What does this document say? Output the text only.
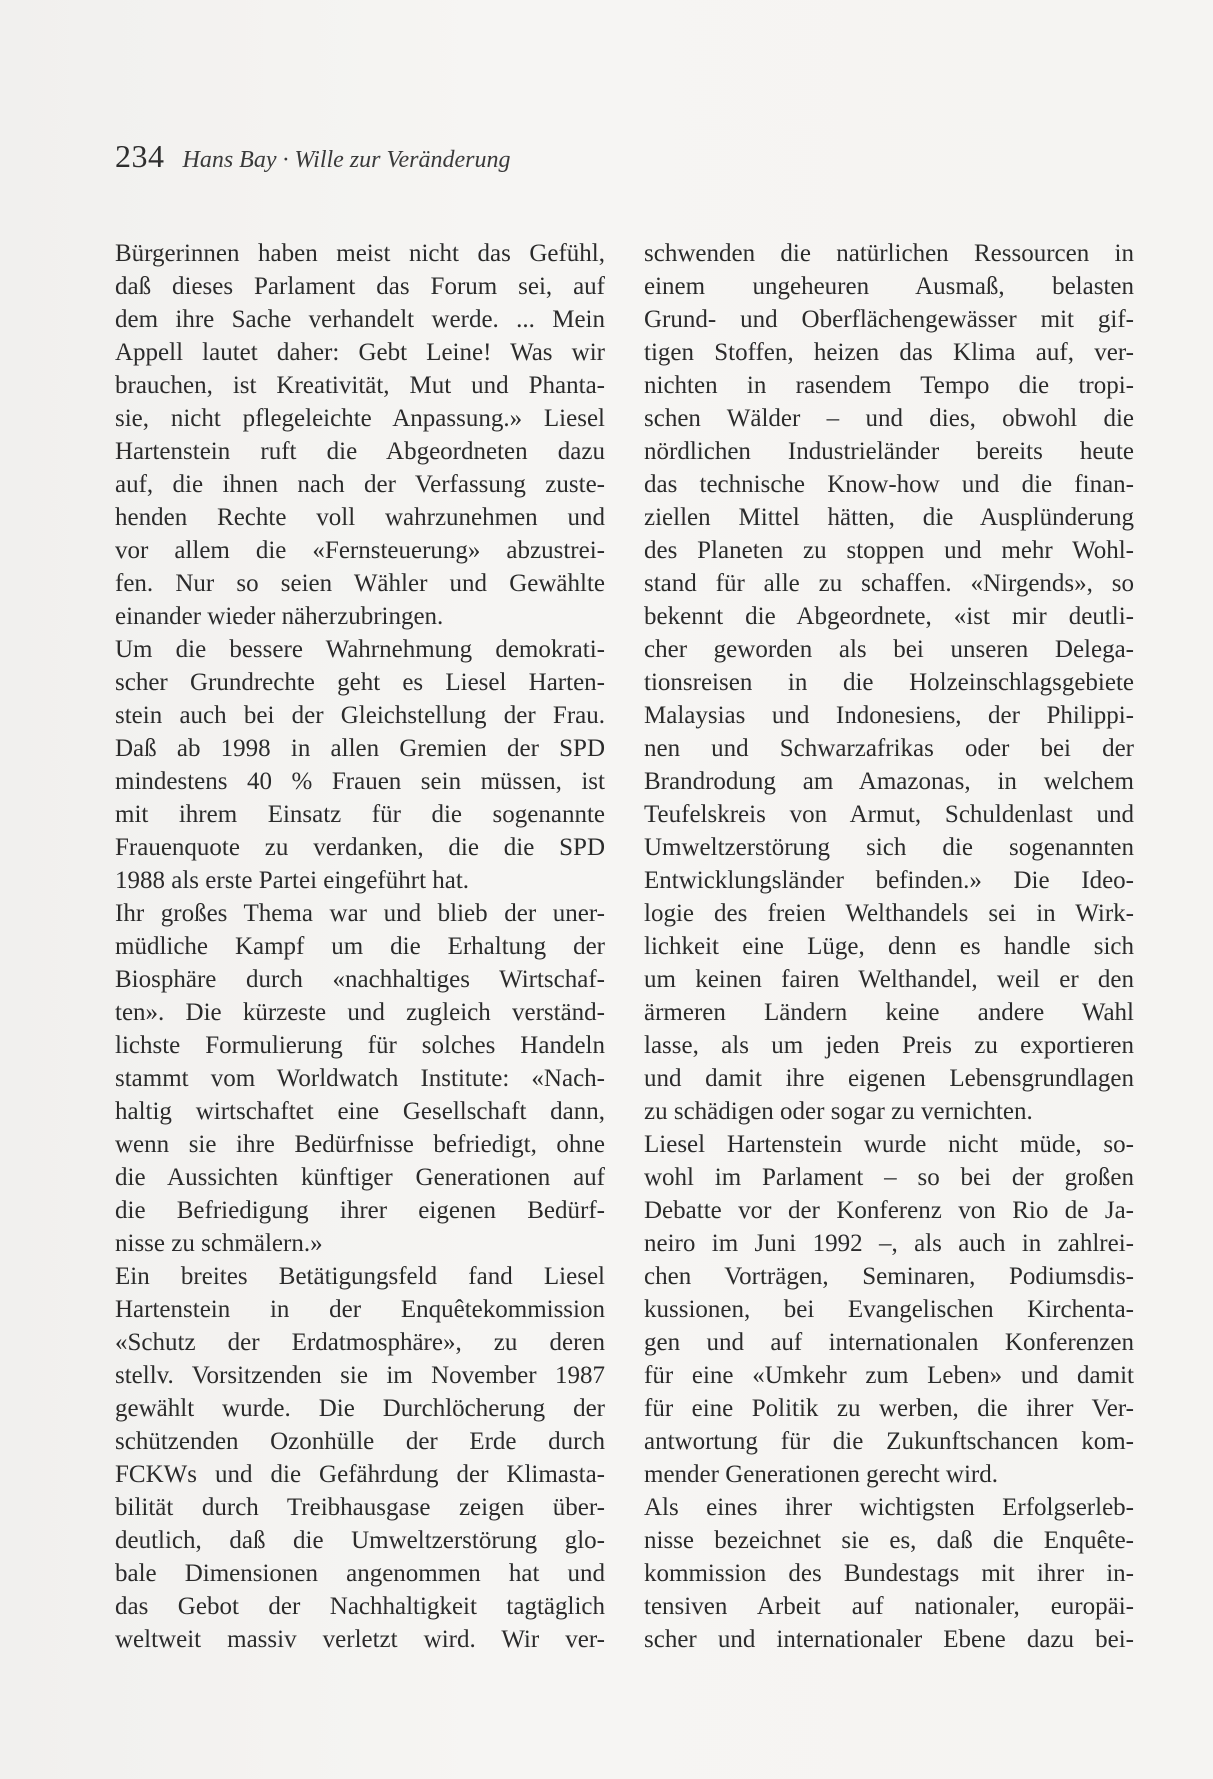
234 Hans Bay · Wille zur Veränderung

Bürgerinnen haben meist nicht das Gefühl,
daß dieses Parlament das Forum sei, auf
dem ihre Sache verhandelt werde. ... Mein
Appell lautet daher: Gebt Leine! Was wir
brauchen, ist Kreativität, Mut und Phanta-
sie, nicht pflegeleichte Anpassung.» Liesel
Hartenstein ruft die Abgeordneten dazu
auf, die ihnen nach der Verfassung zuste-
henden Rechte voll wahrzunehmen und
vor allem die «Fernsteuerung» abzustrei-
fen. Nur so seien Wähler und Gewählte
einander wieder näherzubringen.

Um die bessere Wahrnehmung demokrati-
scher Grundrechte geht es Liesel Harten-
stein auch bei der Gleichstellung der Frau.
Daß ab 1998 in allen Gremien der SPD
mindestens 40 % Frauen sein müssen, ist
mit ihrem Einsatz für die sogenannte
Frauenquote zu verdanken, die die SPD
1988 als erste Partei eingeführt hat.

Ihr großes Thema war und blieb der uner-
müdliche Kampf um die Erhaltung der
Biosphäre durch «nachhaltiges Wirtschaf-
ten». Die kürzeste und zugleich verständ-
lichste Formulierung für solches Handeln
stammt vom Worldwatch Institute: «Nach-
haltig wirtschaftet eine Gesellschaft dann,
wenn sie ihre Bedürfnisse befriedigt, ohne
die Aussichten künftiger Generationen auf
die Befriedigung ihrer eigenen Bedürf-
nisse zu schmälern.»

Ein breites Betätigungsfeld fand Liesel
Hartenstein in der Enquêtekommission
«Schutz der Erdatmosphäre», zu deren
stellv. Vorsitzenden sie im November 1987
gewählt wurde. Die Durchlöcherung der
schützenden Ozonhülle der Erde durch
FCKWs und die Gefährdung der Klimasta-
bilität durch Treibhausgase zeigen über-
deutlich, daß die Umweltzerstörung glo-
bale Dimensionen angenommen hat und
das Gebot der Nachhaltigkeit tagtäglich
weltweit massiv verletzt wird. Wir ver-

schwenden die natürlichen Ressourcen in
einem ungeheuren Ausmaß, belasten
Grund- und Oberflächengewässer mit gif-
tigen Stoffen, heizen das Klima auf, ver-
nichten in rasendem Tempo die tropi-
schen Wälder – und dies, obwohl die
nördlichen Industrieländer bereits heute
das technische Know-how und die finan-
ziellen Mittel hätten, die Ausplünderung
des Planeten zu stoppen und mehr Wohl-
stand für alle zu schaffen. «Nirgends», so
bekennt die Abgeordnete, «ist mir deutli-
cher geworden als bei unseren Delega-
tionsreisen in die Holzeinschlagsgebiete
Malaysias und Indonesiens, der Philippi-
nen und Schwarzafrikas oder bei der
Brandrodung am Amazonas, in welchem
Teufelskreis von Armut, Schuldenlast und
Umweltzerstörung sich die sogenannten
Entwicklungsländer befinden.» Die Ideo-
logie des freien Welthandels sei in Wirk-
lichkeit eine Lüge, denn es handle sich
um keinen fairen Welthandel, weil er den
ärmeren Ländern keine andere Wahl
lasse, als um jeden Preis zu exportieren
und damit ihre eigenen Lebensgrundlagen
zu schädigen oder sogar zu vernichten.

Liesel Hartenstein wurde nicht müde, so-
wohl im Parlament – so bei der großen
Debatte vor der Konferenz von Rio de Ja-
neiro im Juni 1992 –, als auch in zahlrei-
chen Vorträgen, Seminaren, Podiumsdis-
kussionen, bei Evangelischen Kirchenta-
gen und auf internationalen Konferenzen
für eine «Umkehr zum Leben» und damit
für eine Politik zu werben, die ihrer Ver-
antwortung für die Zukunftschancen kom-
mender Generationen gerecht wird.

Als eines ihrer wichtigsten Erfolgserleb-
nisse bezeichnet sie es, daß die Enquête-
kommission des Bundestags mit ihrer in-
tensiven Arbeit auf nationaler, europäi-
scher und internationaler Ebene dazu bei-
